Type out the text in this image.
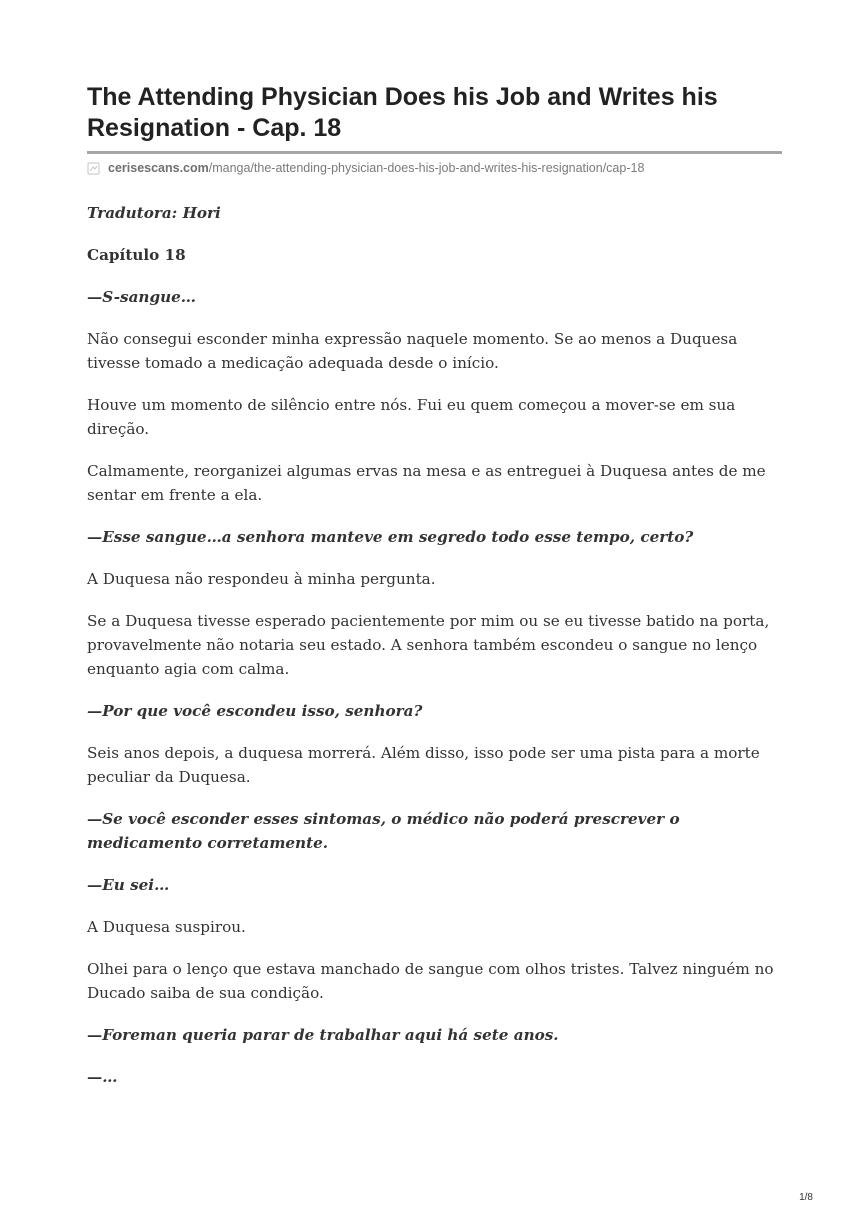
The Attending Physician Does his Job and Writes his Resignation - Cap. 18
cerisescans.com /manga/the-attending-physician-does-his-job-and-writes-his-resignation/cap-18

Tradutora: Hori

Capítulo 18

—S-sangue…

Não consegui esconder minha expressão naquele momento. Se ao menos a Duquesa tivesse tomado a medicação adequada desde o início.

Houve um momento de silêncio entre nós. Fui eu quem começou a mover-se em sua direção.

Calmamente, reorganizei algumas ervas na mesa e as entreguei à Duquesa antes de me sentar em frente a ela.

—Esse sangue…a senhora manteve em segredo todo esse tempo, certo?

A Duquesa não respondeu à minha pergunta.

Se a Duquesa tivesse esperado pacientemente por mim ou se eu tivesse batido na porta, provavelmente não notaria seu estado. A senhora também escondeu o sangue no lenço enquanto agia com calma.

—Por que você escondeu isso, senhora?

Seis anos depois, a duquesa morrerá. Além disso, isso pode ser uma pista para a morte peculiar da Duquesa.

—Se você esconder esses sintomas, o médico não poderá prescrever o medicamento corretamente.

—Eu sei…

A Duquesa suspirou.

Olhei para o lenço que estava manchado de sangue com olhos tristes. Talvez ninguém no Ducado saiba de sua condição.

—Foreman queria parar de trabalhar aqui há sete anos.

—…

1/8
